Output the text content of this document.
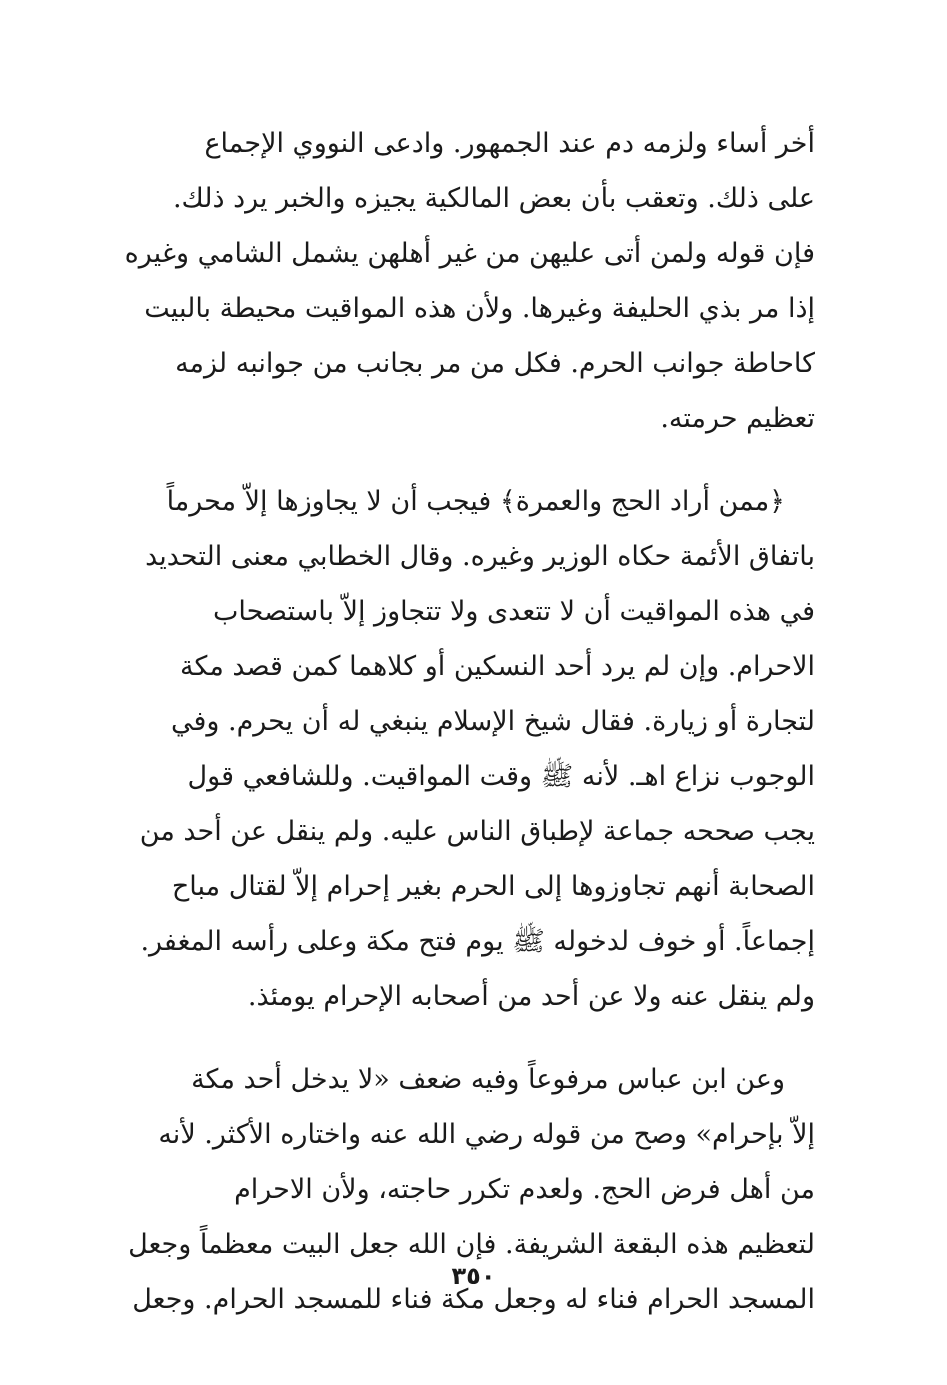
أخر أساء ولزمه دم عند الجمهور. وادعى النووي الإجماع
على ذلك. وتعقب بأن بعض المالكية يجيزه والخبر يرد ذلك.
فإن قوله ولمن أتى عليهن من غير أهلهن يشمل الشامي وغيره
إذا مر بذي الحليفة وغيرها. ولأن هذه المواقيت محيطة بالبيت
كاحاطة جوانب الحرم. فكل من مر بجانب من جوانبه لزمه
تعظيم حرمته.
﴿ممن أراد الحج والعمرة﴾ فيجب أن لا يجاوزها إلاّ محرماً
باتفاق الأئمة حكاه الوزير وغيره. وقال الخطابي معنى التحديد
في هذه المواقيت أن لا تتعدى ولا تتجاوز إلاّ باستصحاب
الاحرام. وإن لم يرد أحد النسكين أو كلاهما كمن قصد مكة
لتجارة أو زيارة. فقال شيخ الإسلام ينبغي له أن يحرم. وفي
الوجوب نزاع اهـ. لأنه ﷺ وقت المواقيت. وللشافعي قول
يجب صححه جماعة لإطباق الناس عليه. ولم ينقل عن أحد من
الصحابة أنهم تجاوزوها إلى الحرم بغير إحرام إلاّ لقتال مباح
إجماعاً. أو خوف لدخوله ﷺ يوم فتح مكة وعلى رأسه المغفر.
ولم ينقل عنه ولا عن أحد من أصحابه الإحرام يومئذ.
وعن ابن عباس مرفوعاً وفيه ضعف «لا يدخل أحد مكة
إلاّ بإحرام» وصح من قوله رضي الله عنه واختاره الأكثر. لأنه
من أهل فرض الحج. ولعدم تكرر حاجته، ولأن الاحرام
لتعظيم هذه البقعة الشريفة. فإن الله جعل البيت معظماً وجعل
المسجد الحرام فناء له وجعل مكة فناء للمسجد الحرام. وجعل
٣٥٠
